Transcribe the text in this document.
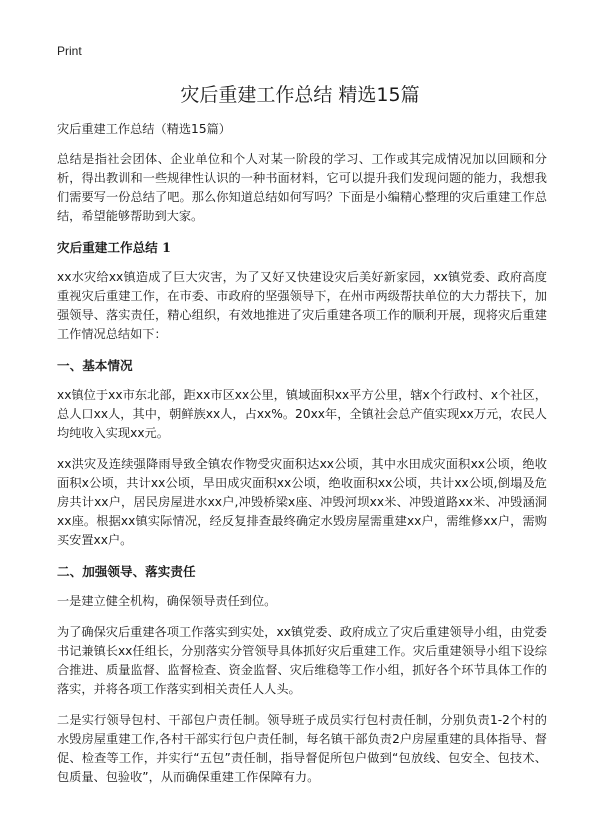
Print
灾后重建工作总结 精选15篇

灾后重建工作总结（精选15篇）

总结是指社会团体、企业单位和个人对某一阶段的学习、工作或其完成情况加以回顾和分析，得出教训和一些规律性认识的一种书面材料，它可以提升我们发现问题的能力，我想我们需要写一份总结了吧。那么你知道总结如何写吗？下面是小编精心整理的灾后重建工作总结，希望能够帮助到大家。

灾后重建工作总结 1

xx水灾给xx镇造成了巨大灾害，为了又好又快建设灾后美好新家园，xx镇党委、政府高度重视灾后重建工作，在市委、市政府的坚强领导下，在州市两级帮扶单位的大力帮扶下，加强领导、落实责任，精心组织，有效地推进了灾后重建各项工作的顺利开展，现将灾后重建工作情况总结如下：

一、基本情况

xx镇位于xx市东北部，距xx市区xx公里，镇域面积xx平方公里，辖x个行政村、x个社区，总人口xx人，其中，朝鲜族xx人，占xx%。20xx年，全镇社会总产值实现xx万元，农民人均纯收入实现xx元。

xx洪灾及连续强降雨导致全镇农作物受灾面积达xx公顷，其中水田成灾面积xx公顷，绝收面积x公顷，共计xx公顷，旱田成灾面积xx公顷，绝收面积xx公顷，共计xx公顷,倒塌及危房共计xx户，居民房屋进水xx户,冲毁桥梁x座、冲毁河坝xx米、冲毁道路xx米、冲毁涵洞xx座。根据xx镇实际情况，经反复排查最终确定水毁房屋需重建xx户，需维修xx户，需购买安置xx户。

二、加强领导、落实责任

一是建立健全机构，确保领导责任到位。

为了确保灾后重建各项工作落实到实处，xx镇党委、政府成立了灾后重建领导小组，由党委书记兼镇长xx任组长，分别落实分管领导具体抓好灾后重建工作。灾后重建领导小组下设综合推进、质量监督、监督检查、资金监督、灾后维稳等工作小组，抓好各个环节具体工作的落实，并将各项工作落实到相关责任人人头。

二是实行领导包村、干部包户责任制。领导班子成员实行包村责任制，分别负责1-2个村的水毁房屋重建工作,各村干部实行包户责任制，每名镇干部负责2户房屋重建的具体指导、督促、检查等工作，并实行“五包”责任制，指导督促所包户做到“包放线、包安全、包技术、包质量、包验收”，从而确保重建工作保障有力。
